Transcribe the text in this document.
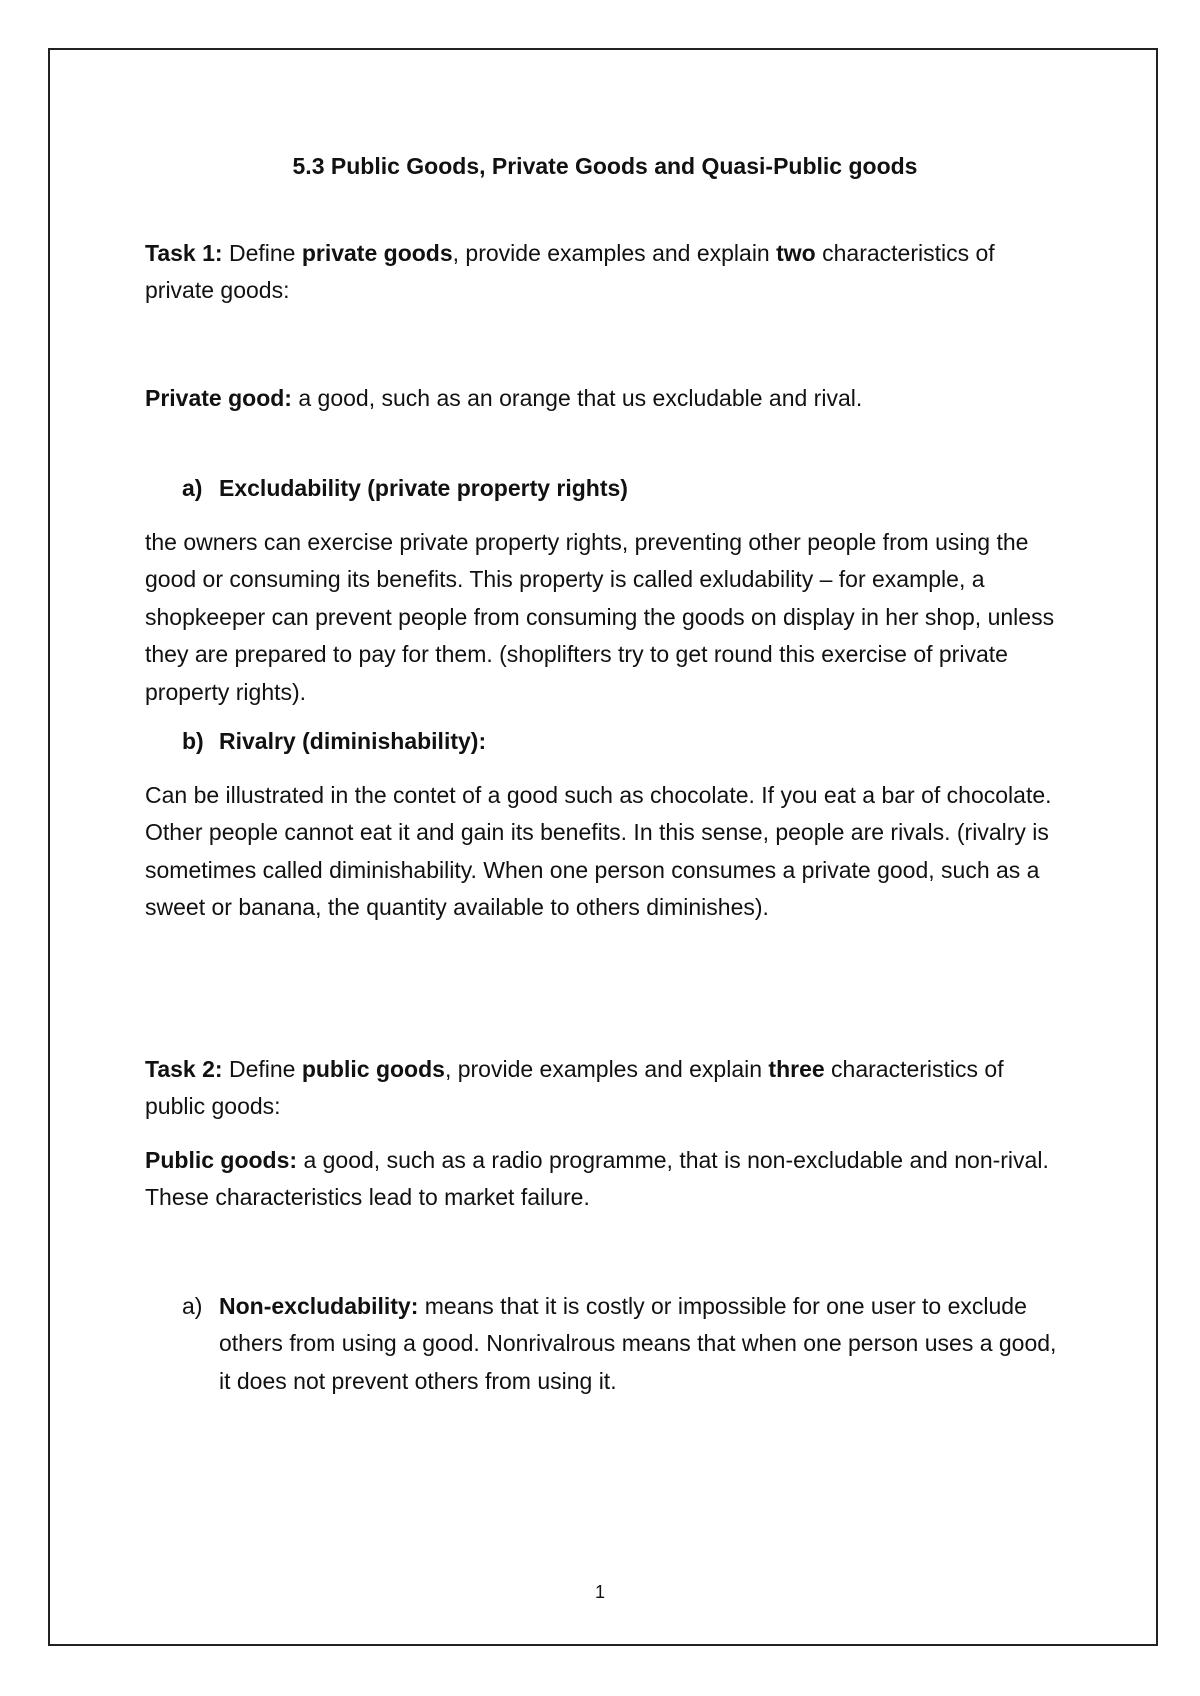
5.3 Public Goods, Private Goods and Quasi-Public goods

Task 1: Define private goods, provide examples and explain two characteristics of private goods:

Private good: a good, such as an orange that us excludable and rival.

a) Excludability (private property rights)

the owners can exercise private property rights, preventing other people from using the good or consuming its benefits. This property is called exludability – for example, a shopkeeper can prevent people from consuming the goods on display in her shop, unless they are prepared to pay for them. (shoplifters try to get round this exercise of private property rights).

b) Rivalry (diminishability):

Can be illustrated in the contet of a good such as chocolate. If you eat a bar of chocolate. Other people cannot eat it and gain its benefits. In this sense, people are rivals. (rivalry is sometimes called diminishability. When one person consumes a private good, such as a sweet or banana, the quantity available to others diminishes).

Task 2: Define public goods, provide examples and explain three characteristics of public goods:

Public goods: a good, such as a radio programme, that is non-excludable and non-rival. These characteristics lead to market failure.

a) Non-excludability: means that it is costly or impossible for one user to exclude others from using a good. Nonrivalrous means that when one person uses a good, it does not prevent others from using it.
1
